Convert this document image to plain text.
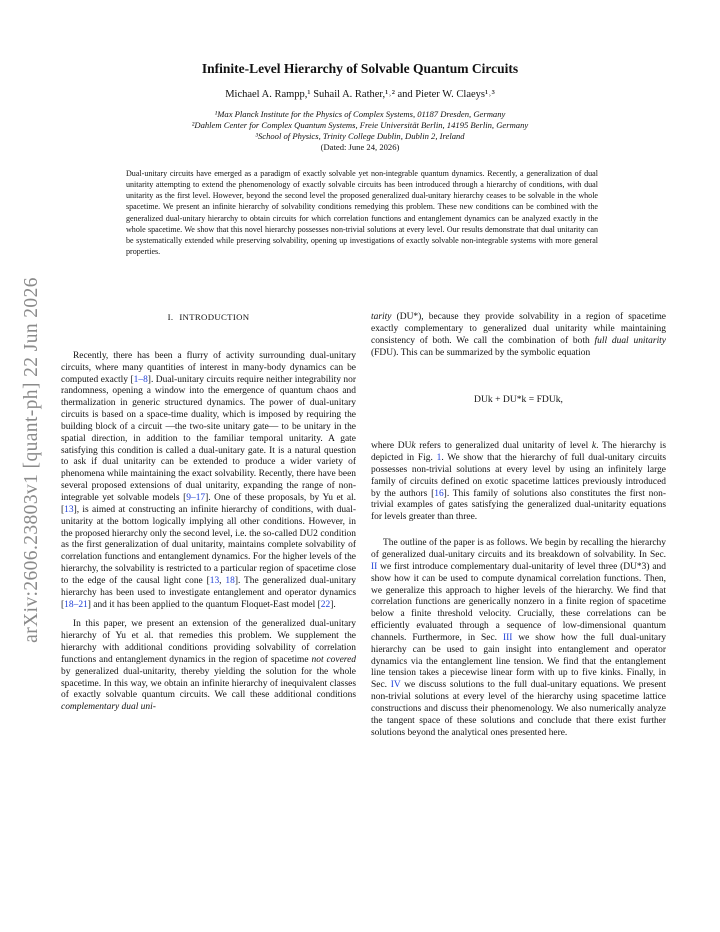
arXiv:2606.23803v1 [quant-ph] 22 Jun 2026
Infinite-Level Hierarchy of Solvable Quantum Circuits
Michael A. Rampp,¹ Suhail A. Rather,¹˒² and Pieter W. Claeys¹˒³
¹Max Planck Institute for the Physics of Complex Systems, 01187 Dresden, Germany
²Dahlem Center for Complex Quantum Systems, Freie Universität Berlin, 14195 Berlin, Germany
³School of Physics, Trinity College Dublin, Dublin 2, Ireland
(Dated: June 24, 2026)
Dual-unitary circuits have emerged as a paradigm of exactly solvable yet non-integrable quantum dynamics. Recently, a generalization of dual unitarity attempting to extend the phenomenology of exactly solvable circuits has been introduced through a hierarchy of conditions, with dual unitarity as the first level. However, beyond the second level the proposed generalized dual-unitary hierarchy ceases to be solvable in the whole spacetime. We present an infinite hierarchy of solvability conditions remedying this problem. These new conditions can be combined with the generalized dual-unitary hierarchy to obtain circuits for which correlation functions and entanglement dynamics can be analyzed exactly in the whole spacetime. We show that this novel hierarchy possesses non-trivial solutions at every level. Our results demonstrate that dual unitarity can be systematically extended while preserving solvability, opening up investigations of exactly solvable non-integrable systems with more general properties.
I. INTRODUCTION

Recently, there has been a flurry of activity surrounding dual-unitary circuits, where many quantities of interest in many-body dynamics can be computed exactly [1–8]. Dual-unitary circuits require neither integrability nor randomness, opening a window into the emergence of quantum chaos and thermalization in generic structured dynamics. The power of dual-unitary circuits is based on a space-time duality, which is imposed by requiring the building block of a circuit —the two-site unitary gate— to be unitary in the spatial direction, in addition to the familiar temporal unitarity. A gate satisfying this condition is called a dual-unitary gate. It is a natural question to ask if dual unitarity can be extended to produce a wider variety of phenomena while maintaining the exact solvability. Recently, there have been several proposed extensions of dual unitarity, expanding the range of non-integrable yet solvable models [9–17]. One of these proposals, by Yu et al. [13], is aimed at constructing an infinite hierarchy of conditions, with dual-unitarity at the bottom logically implying all other conditions. However, in the proposed hierarchy only the second level, i.e. the so-called DU2 condition as the first generalization of dual unitarity, maintains complete solvability of correlation functions and entanglement dynamics. For the higher levels of the hierarchy, the solvability is restricted to a particular region of spacetime close to the edge of the causal light cone [13, 18]. The generalized dual-unitary hierarchy has been used to investigate entanglement and operator dynamics [18–21] and it has been applied to the quantum Floquet-East model [22].

In this paper, we present an extension of the generalized dual-unitary hierarchy of Yu et al. that remedies this problem. We supplement the hierarchy with additional conditions providing solvability of correlation functions and entanglement dynamics in the region of spacetime not covered by generalized dual-unitarity, thereby yielding the solution for the whole spacetime. In this way, we obtain an infinite hierarchy of inequivalent classes of exactly solvable quantum circuits. We call these additional conditions complementary dual uni-

tarity (DU*), because they provide solvability in a region of spacetime exactly complementary to generalized dual unitarity while maintaining consistency of both. We call the combination of both full dual unitarity (FDU). This can be summarized by the symbolic equation

DUk + DU*k = FDUk,

where DUk refers to generalized dual unitarity of level k. The hierarchy is depicted in Fig. 1. We show that the hierarchy of full dual-unitary circuits possesses non-trivial solutions at every level by using an infinitely large family of circuits defined on exotic spacetime lattices previously introduced by the authors [16]. This family of solutions also constitutes the first non-trivial examples of gates satisfying the generalized dual-unitarity equations for levels greater than three.

The outline of the paper is as follows. We begin by recalling the hierarchy of generalized dual-unitary circuits and its breakdown of solvability. In Sec. II we first introduce complementary dual-unitarity of level three (DU*3) and show how it can be used to compute dynamical correlation functions. Then, we generalize this approach to higher levels of the hierarchy. We find that correlation functions are generically nonzero in a finite region of spacetime below a finite threshold velocity. Crucially, these correlations can be efficiently evaluated through a sequence of low-dimensional quantum channels. Furthermore, in Sec. III we show how the full dual-unitary hierarchy can be used to gain insight into entanglement and operator dynamics via the entanglement line tension. We find that the entanglement line tension takes a piecewise linear form with up to five kinks. Finally, in Sec. IV we discuss solutions to the full dual-unitary equations. We present non-trivial solutions at every level of the hierarchy using spacetime lattice constructions and discuss their phenomenology. We also numerically analyze the tangent space of these solutions and conclude that there exist further solutions beyond the analytical ones presented here.
